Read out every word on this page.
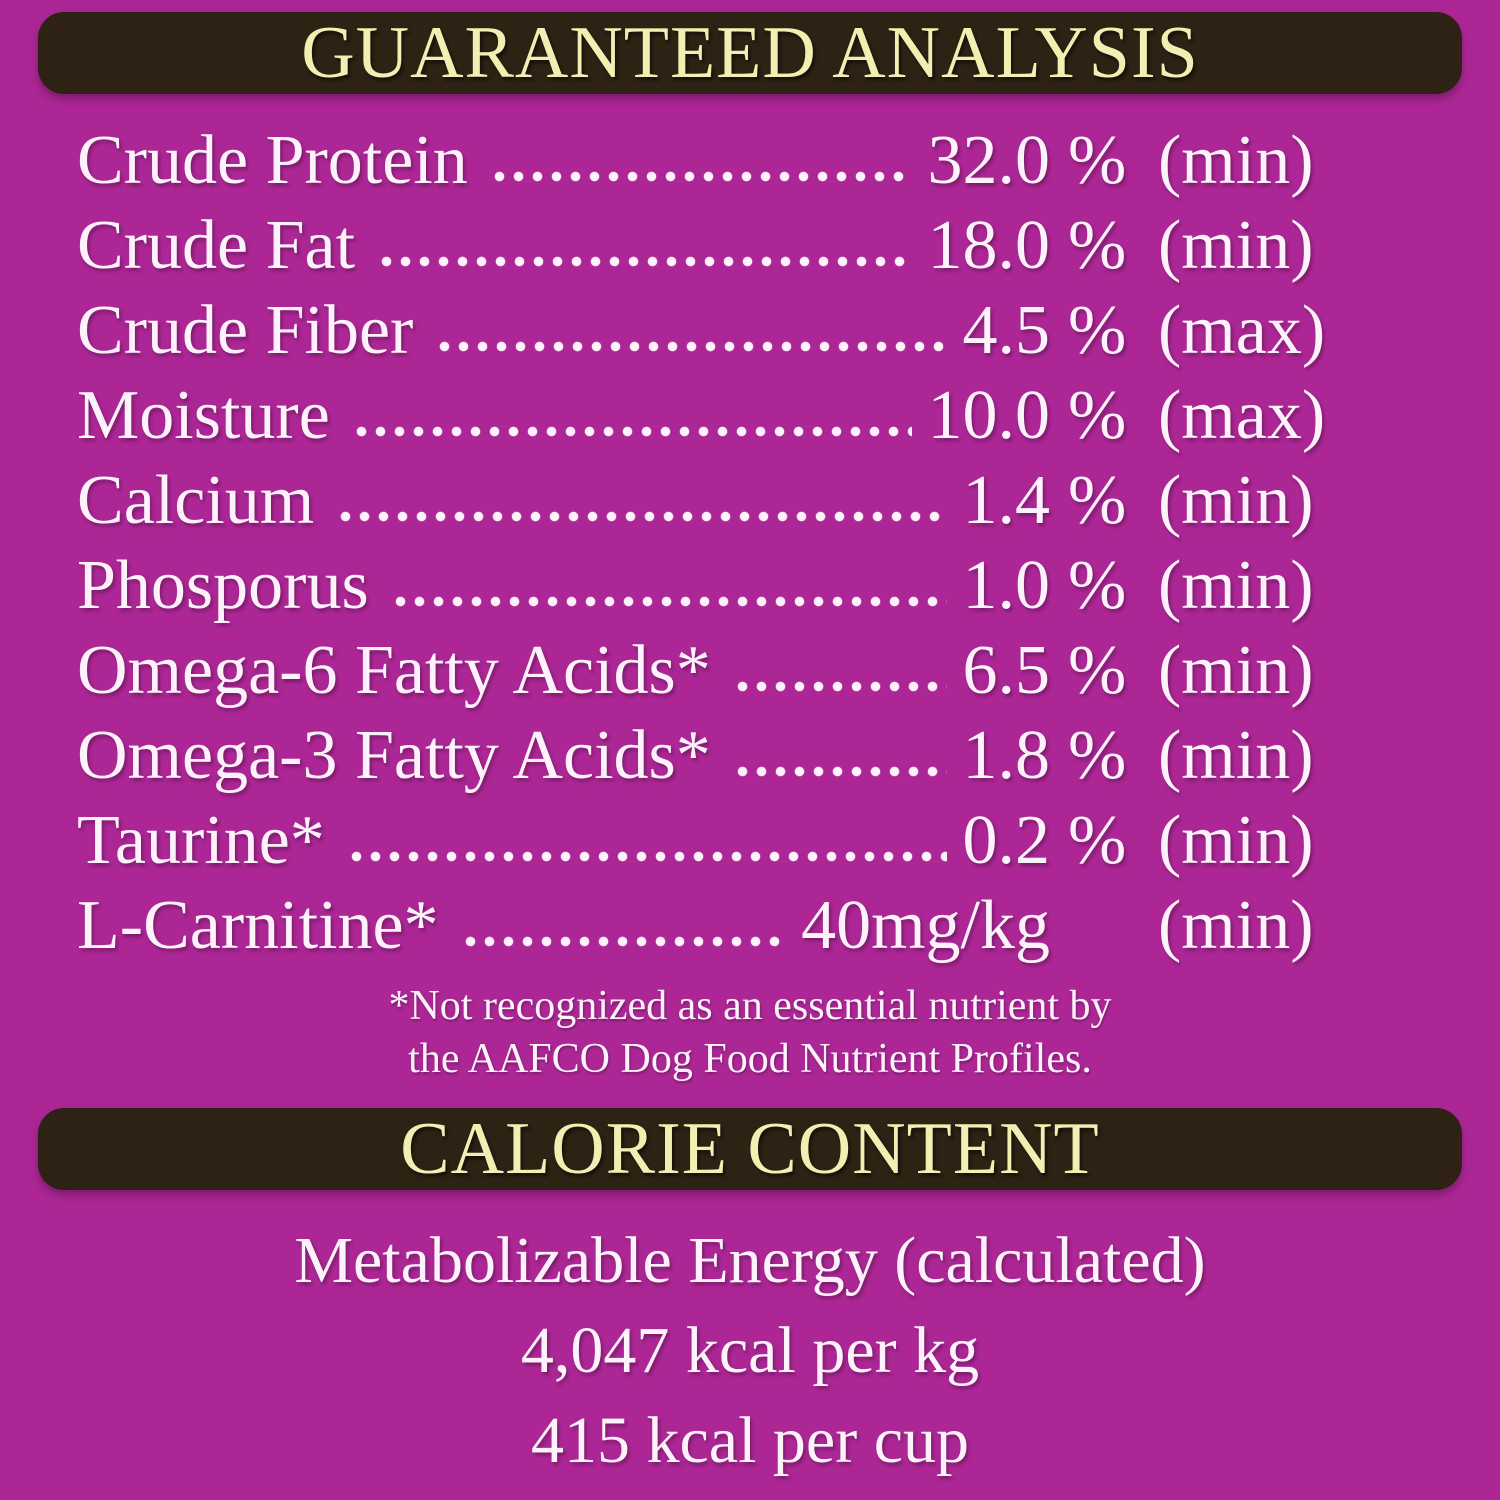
GUARANTEED ANALYSIS
Crude Protein	32.0 % (min)
Crude Fat	18.0 % (min)
Crude Fiber	4.5 % (max)
Moisture	10.0 % (max)
Calcium	1.4 % (min)
Phosporus	1.0 % (min)
Omega-6 Fatty Acids*	6.5 % (min)
Omega-3 Fatty Acids*	1.8 % (min)
Taurine*	0.2 % (min)
L-Carnitine*	40mg/kg (min)
*Not recognized as an essential nutrient by
the AAFCO Dog Food Nutrient Profiles.
CALORIE CONTENT
Metabolizable Energy (calculated)
4,047 kcal per kg
415 kcal per cup
